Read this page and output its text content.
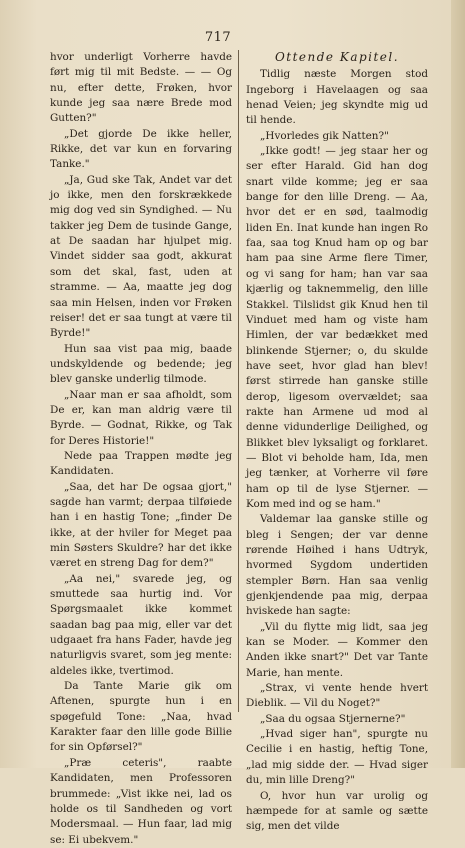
717

hvor underligt Vorherre havde ført mig til mit Bedste. — — Og nu, efter dette, Frøken, hvor kunde jeg saa nære Brede mod Gutten?"

„Det gjorde De ikke heller, Rikke, det var kun en forvaring Tanke."

„Ja, Gud ske Tak, Andet var det jo ikke, men den forskrækkede mig dog ved sin Syndighed. — Nu takker jeg Dem de tusinde Gange, at De saadan har hjulpet mig. Vindet sidder saa godt, akkurat som det skal, fast, uden at stramme. — Aa, maatte jeg dog saa min Helsen, inden vor Frøken reiser! det er saa tungt at være til Byrde!"

Hun saa vist paa mig, baade undskyldende og bedende; jeg blev ganske underlig tilmode.

„Naar man er saa afholdt, som De er, kan man aldrig være til Byrde. — Godnat, Rikke, og Tak for Deres Historie!"

Nede paa Trappen mødte jeg Kandidaten.

„Saa, det har De ogsaa gjort," sagde han varmt; derpaa tilføiede han i en hastig Tone; „finder De ikke, at der hviler for Meget paa min Søsters Skuldre? har det ikke været en streng Dag for dem?"

„Aa nei," svarede jeg, og smuttede saa hurtig ind. Vor Spørgsmaalet ikke kommet saadan bag paa mig, eller var det udgaaet fra hans Fader, havde jeg naturligvis svaret, som jeg mente: aldeles ikke, tvertimod.

Da Tante Marie gik om Aftenen, spurgte hun i en spøgefuld Tone: „Naa, hvad Karakter faar den lille gode Billie for sin Opførsel?"

„Præ ceteris", raabte Kandidaten, men Professoren brummede: „Vist ikke nei, lad os holde os til Sandheden og vort Modersmaal. — Hun faar, lad mig se: Ei ubekvem."

Ottende Kapitel.

Tidlig næste Morgen stod Ingeborg i Havelaagen og saa henad Veien; jeg skyndte mig ud til hende.

„Hvorledes gik Natten?"

„Ikke godt! — jeg staar her og ser efter Harald. Gid han dog snart vilde komme; jeg er saa bange for den lille Dreng. — Aa, hvor det er en sød, taalmodig liden En. Inat kunde han ingen Ro faa, saa tog Knud ham op og bar ham paa sine Arme flere Timer, og vi sang for ham; han var saa kjærlig og taknemmelig, den lille Stakkel. Tilslidst gik Knud hen til Vinduet med ham og viste ham Himlen, der var bedækket med blinkende Stjerner; o, du skulde have seet, hvor glad han blev! først stirrede han ganske stille derop, ligesom overvældet; saa rakte han Armene ud mod al denne vidunderlige Deilighed, og Blikket blev lyksaligt og forklaret. — Blot vi beholde ham, Ida, men jeg tænker, at Vorherre vil føre ham op til de lyse Stjerner. — Kom med ind og se ham."

Valdemar laa ganske stille og bleg i Sengen; der var denne rørende Høihed i hans Udtryk, hvormed Sygdom undertiden stempler Børn. Han saa venlig gjenkjendende paa mig, derpaa hviskede han sagte:

„Vil du flytte mig lidt, saa jeg kan se Moder. — Kommer den Anden ikke snart?" Det var Tante Marie, han mente.

„Strax, vi vente hende hvert Dieblik. — Vil du Noget?"

„Saa du ogsaa Stjernerne?"

„Hvad siger han", spurgte nu Cecilie i en hastig, heftig Tone, „lad mig sidde der. — Hvad siger du, min lille Dreng?"

O, hvor hun var urolig og hæmpede for at samle og sætte sig, men det vilde
